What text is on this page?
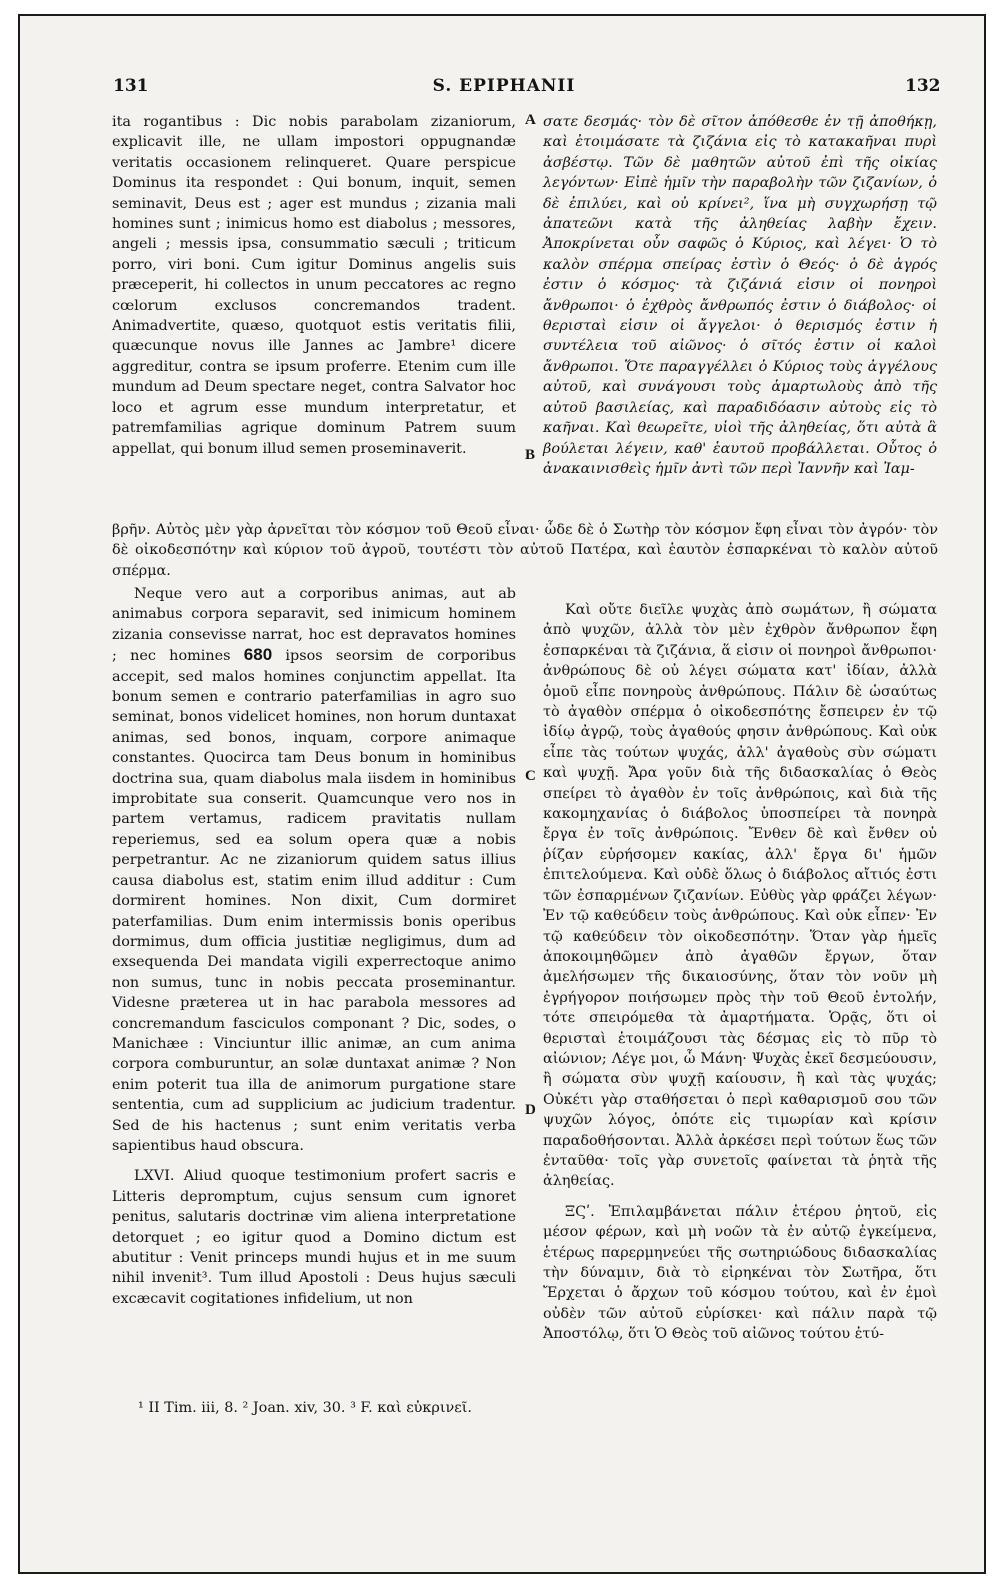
131	S. EPIPHANII	132
A
B
C
D

ita rogantibus : Dic nobis parabolam zizaniorum, explicavit ille, ne ullam impostori oppugnandæ veritatis occasionem relinqueret. Quare perspicue Dominus ita respondet : Qui bonum, inquit, semen seminavit, Deus est ; ager est mundus ; zizania mali homines sunt ; inimicus homo est diabolus ; messores, angeli ; messis ipsa, consummatio sæculi ; triticum porro, viri boni. Cum igitur Dominus angelis suis præceperit, hi collectos in unum peccatores ac regno cœlorum exclusos concremandos tradent. Animadvertite, quæso, quotquot estis veritatis filii, quæcunque novus ille Jannes ac Jambre¹ dicere aggreditur, contra se ipsum proferre. Etenim cum ille mundum ad Deum spectare neget, contra Salvator hoc loco et agrum esse mundum interpretatur, et patremfamilias agrique dominum Patrem suum appellat, qui bonum illud semen proseminaverit.

σατε δεσμάς· τὸν δὲ σῖτον ἀπόθεσθε ἐν τῇ ἀποθήκῃ, καὶ ἑτοιμάσατε τὰ ζιζάνια εἰς τὸ κατακαῆναι πυρὶ ἀσβέστῳ. Τῶν δὲ μαθητῶν αὐτοῦ ἐπὶ τῆς οἰκίας λεγόντων· Εἰπὲ ἡμῖν τὴν παραβολὴν τῶν ζιζανίων, ὁ δὲ ἐπιλύει, καὶ οὐ κρίνει², ἵνα μὴ συγχωρήσῃ τῷ ἀπατεῶνι κατὰ τῆς ἀληθείας λαβὴν ἔχειν. Ἀποκρίνεται οὖν σαφῶς ὁ Κύριος, καὶ λέγει· Ὁ τὸ καλὸν σπέρμα σπείρας ἐστὶν ὁ Θεός· ὁ δὲ ἀγρός ἐστιν ὁ κόσμος· τὰ ζιζάνιά εἰσιν οἱ πονηροὶ ἄνθρωποι· ὁ ἐχθρὸς ἄνθρωπός ἐστιν ὁ διάβολος· οἱ θερισταὶ εἰσιν οἱ ἄγγελοι· ὁ θερισμός ἐστιν ἡ συντέλεια τοῦ αἰῶνος· ὁ σῖτός ἐστιν οἱ καλοὶ ἄνθρωποι. Ὅτε παραγγέλλει ὁ Κύριος τοὺς ἀγγέλους αὐτοῦ, καὶ συνάγουσι τοὺς ἁμαρτωλοὺς ἀπὸ τῆς αὐτοῦ βασιλείας, καὶ παραδιδόασιν αὐτοὺς εἰς τὸ καῆναι. Καὶ θεωρεῖτε, υἱοὶ τῆς ἀληθείας, ὅτι αὐτὰ ἃ βούλεται λέγειν, καθ' ἑαυτοῦ προβάλλεται. Οὗτος ὁ ἀνακαινισθεὶς ἡμῖν ἀντὶ τῶν περὶ Ἰαννῆν καὶ Ἰαμ-

βρῆν. Αὐτὸς μὲν γὰρ ἀρνεῖται τὸν κόσμον τοῦ Θεοῦ εἶναι· ὧδε δὲ ὁ Σωτὴρ τὸν κόσμον ἔφη εἶναι τὸν ἀγρόν· τὸν δὲ οἰκοδεσπότην καὶ κύριον τοῦ ἀγροῦ, τουτέστι τὸν αὐτοῦ Πατέρα, καὶ ἑαυτὸν ἐσπαρκέναι τὸ καλὸν αὐτοῦ σπέρμα.

Neque vero aut a corporibus animas, aut ab animabus corpora separavit, sed inimicum hominem zizania consevisse narrat, hoc est depravatos homines ; nec homines 680 ipsos seorsim de corporibus accepit, sed malos homines conjunctim appellat. Ita bonum semen e contrario paterfamilias in agro suo seminat, bonos videlicet homines, non horum duntaxat animas, sed bonos, inquam, corpore animaque constantes. Quocirca tam Deus bonum in hominibus doctrina sua, quam diabolus mala iisdem in hominibus improbitate sua conserit. Quamcunque vero nos in partem vertamus, radicem pravitatis nullam reperiemus, sed ea solum opera quæ a nobis perpetrantur. Ac ne zizaniorum quidem satus illius causa diabolus est, statim enim illud additur : Cum dormirent homines. Non dixit, Cum dormiret paterfamilias. Dum enim intermissis bonis operibus dormimus, dum officia justitiæ negligimus, dum ad exsequenda Dei mandata vigili experrectoque animo non sumus, tunc in nobis peccata proseminantur. Videsne præterea ut in hac parabola messores ad concremandum fasciculos componant ? Dic, sodes, o Manichæe : Vinciuntur illic animæ, an cum anima corpora comburuntur, an solæ duntaxat animæ ? Non enim poterit tua illa de animorum purgatione stare sententia, cum ad supplicium ac judicium tradentur. Sed de his hactenus ; sunt enim veritatis verba sapientibus haud obscura.

LXVI. Aliud quoque testimonium profert sacris e Litteris depromptum, cujus sensum cum ignoret penitus, salutaris doctrinæ vim aliena interpretatione detorquet ; eo igitur quod a Domino dictum est abutitur : Venit princeps mundi hujus et in me suum nihil invenit³. Tum illud Apostoli : Deus hujus sæculi excæcavit cogitationes infidelium, ut non

Καὶ οὔτε διεῖλε ψυχὰς ἀπὸ σωμάτων, ἢ σώματα ἀπὸ ψυχῶν, ἀλλὰ τὸν μὲν ἐχθρὸν ἄνθρωπον ἔφη ἐσπαρκέναι τὰ ζιζάνια, ἅ εἰσιν οἱ πονηροὶ ἄνθρωποι· ἀνθρώπους δὲ οὐ λέγει σώματα κατ' ἰδίαν, ἀλλὰ ὁμοῦ εἶπε πονηροὺς ἀνθρώπους. Πάλιν δὲ ὡσαύτως τὸ ἀγαθὸν σπέρμα ὁ οἰκοδεσπότης ἔσπειρεν ἐν τῷ ἰδίῳ ἀγρῷ, τοὺς ἀγαθούς φησιν ἀνθρώπους. Καὶ οὐκ εἶπε τὰς τούτων ψυχάς, ἀλλ' ἀγαθοὺς σὺν σώματι καὶ ψυχῇ. Ἄρα γοῦν διὰ τῆς διδασκαλίας ὁ Θεὸς σπείρει τὸ ἀγαθὸν ἐν τοῖς ἀνθρώποις, καὶ διὰ τῆς κακομηχανίας ὁ διάβολος ὑποσπείρει τὰ πονηρὰ ἔργα ἐν τοῖς ἀνθρώποις. Ἔνθεν δὲ καὶ ἔνθεν οὐ ῥίζαν εὑρήσομεν κακίας, ἀλλ' ἔργα δι' ἡμῶν ἐπιτελούμενα. Καὶ οὐδὲ ὅλως ὁ διάβολος αἴτιός ἐστι τῶν ἐσπαρμένων ζιζανίων. Εὐθὺς γὰρ φράζει λέγων· Ἐν τῷ καθεύδειν τοὺς ἀνθρώπους. Καὶ οὐκ εἶπεν· Ἐν τῷ καθεύδειν τὸν οἰκοδεσπότην. Ὅταν γὰρ ἡμεῖς ἀποκοιμηθῶμεν ἀπὸ ἀγαθῶν ἔργων, ὅταν ἀμελήσωμεν τῆς δικαιοσύνης, ὅταν τὸν νοῦν μὴ ἐγρήγορον ποιήσωμεν πρὸς τὴν τοῦ Θεοῦ ἐντολήν, τότε σπειρόμεθα τὰ ἁμαρτήματα. Ὁρᾷς, ὅτι οἱ θερισταὶ ἑτοιμάζουσι τὰς δέσμας εἰς τὸ πῦρ τὸ αἰώνιον; Λέγε μοι, ὦ Μάνη· Ψυχὰς ἐκεῖ δεσμεύουσιν, ἢ σώματα σὺν ψυχῇ καίουσιν, ἢ καὶ τὰς ψυχάς; Οὐκέτι γὰρ σταθήσεται ὁ περὶ καθαρισμοῦ σου τῶν ψυχῶν λόγος, ὁπότε εἰς τιμωρίαν καὶ κρίσιν παραδοθήσονται. Ἀλλὰ ἀρκέσει περὶ τούτων ἕως τῶν ἐνταῦθα· τοῖς γὰρ συνετοῖς φαίνεται τὰ ῥητὰ τῆς ἀληθείας.

ΞϚʹ. Ἐπιλαμβάνεται πάλιν ἑτέρου ῥητοῦ, εἰς μέσον φέρων, καὶ μὴ νοῶν τὰ ἐν αὐτῷ ἐγκείμενα, ἑτέρως παρερμηνεύει τῆς σωτηριώδους διδασκαλίας τὴν δύναμιν, διὰ τὸ εἰρηκέναι τὸν Σωτῆρα, ὅτι Ἔρχεται ὁ ἄρχων τοῦ κόσμου τούτου, καὶ ἐν ἐμοὶ οὐδὲν τῶν αὐτοῦ εὑρίσκει· καὶ πάλιν παρὰ τῷ Ἀποστόλῳ, ὅτι Ὁ Θεὸς τοῦ αἰῶνος τούτου ἐτύ-

¹ II Tim. iii, 8. ² Joan. xiv, 30. ³ F. καὶ εὐκρινεῖ.
